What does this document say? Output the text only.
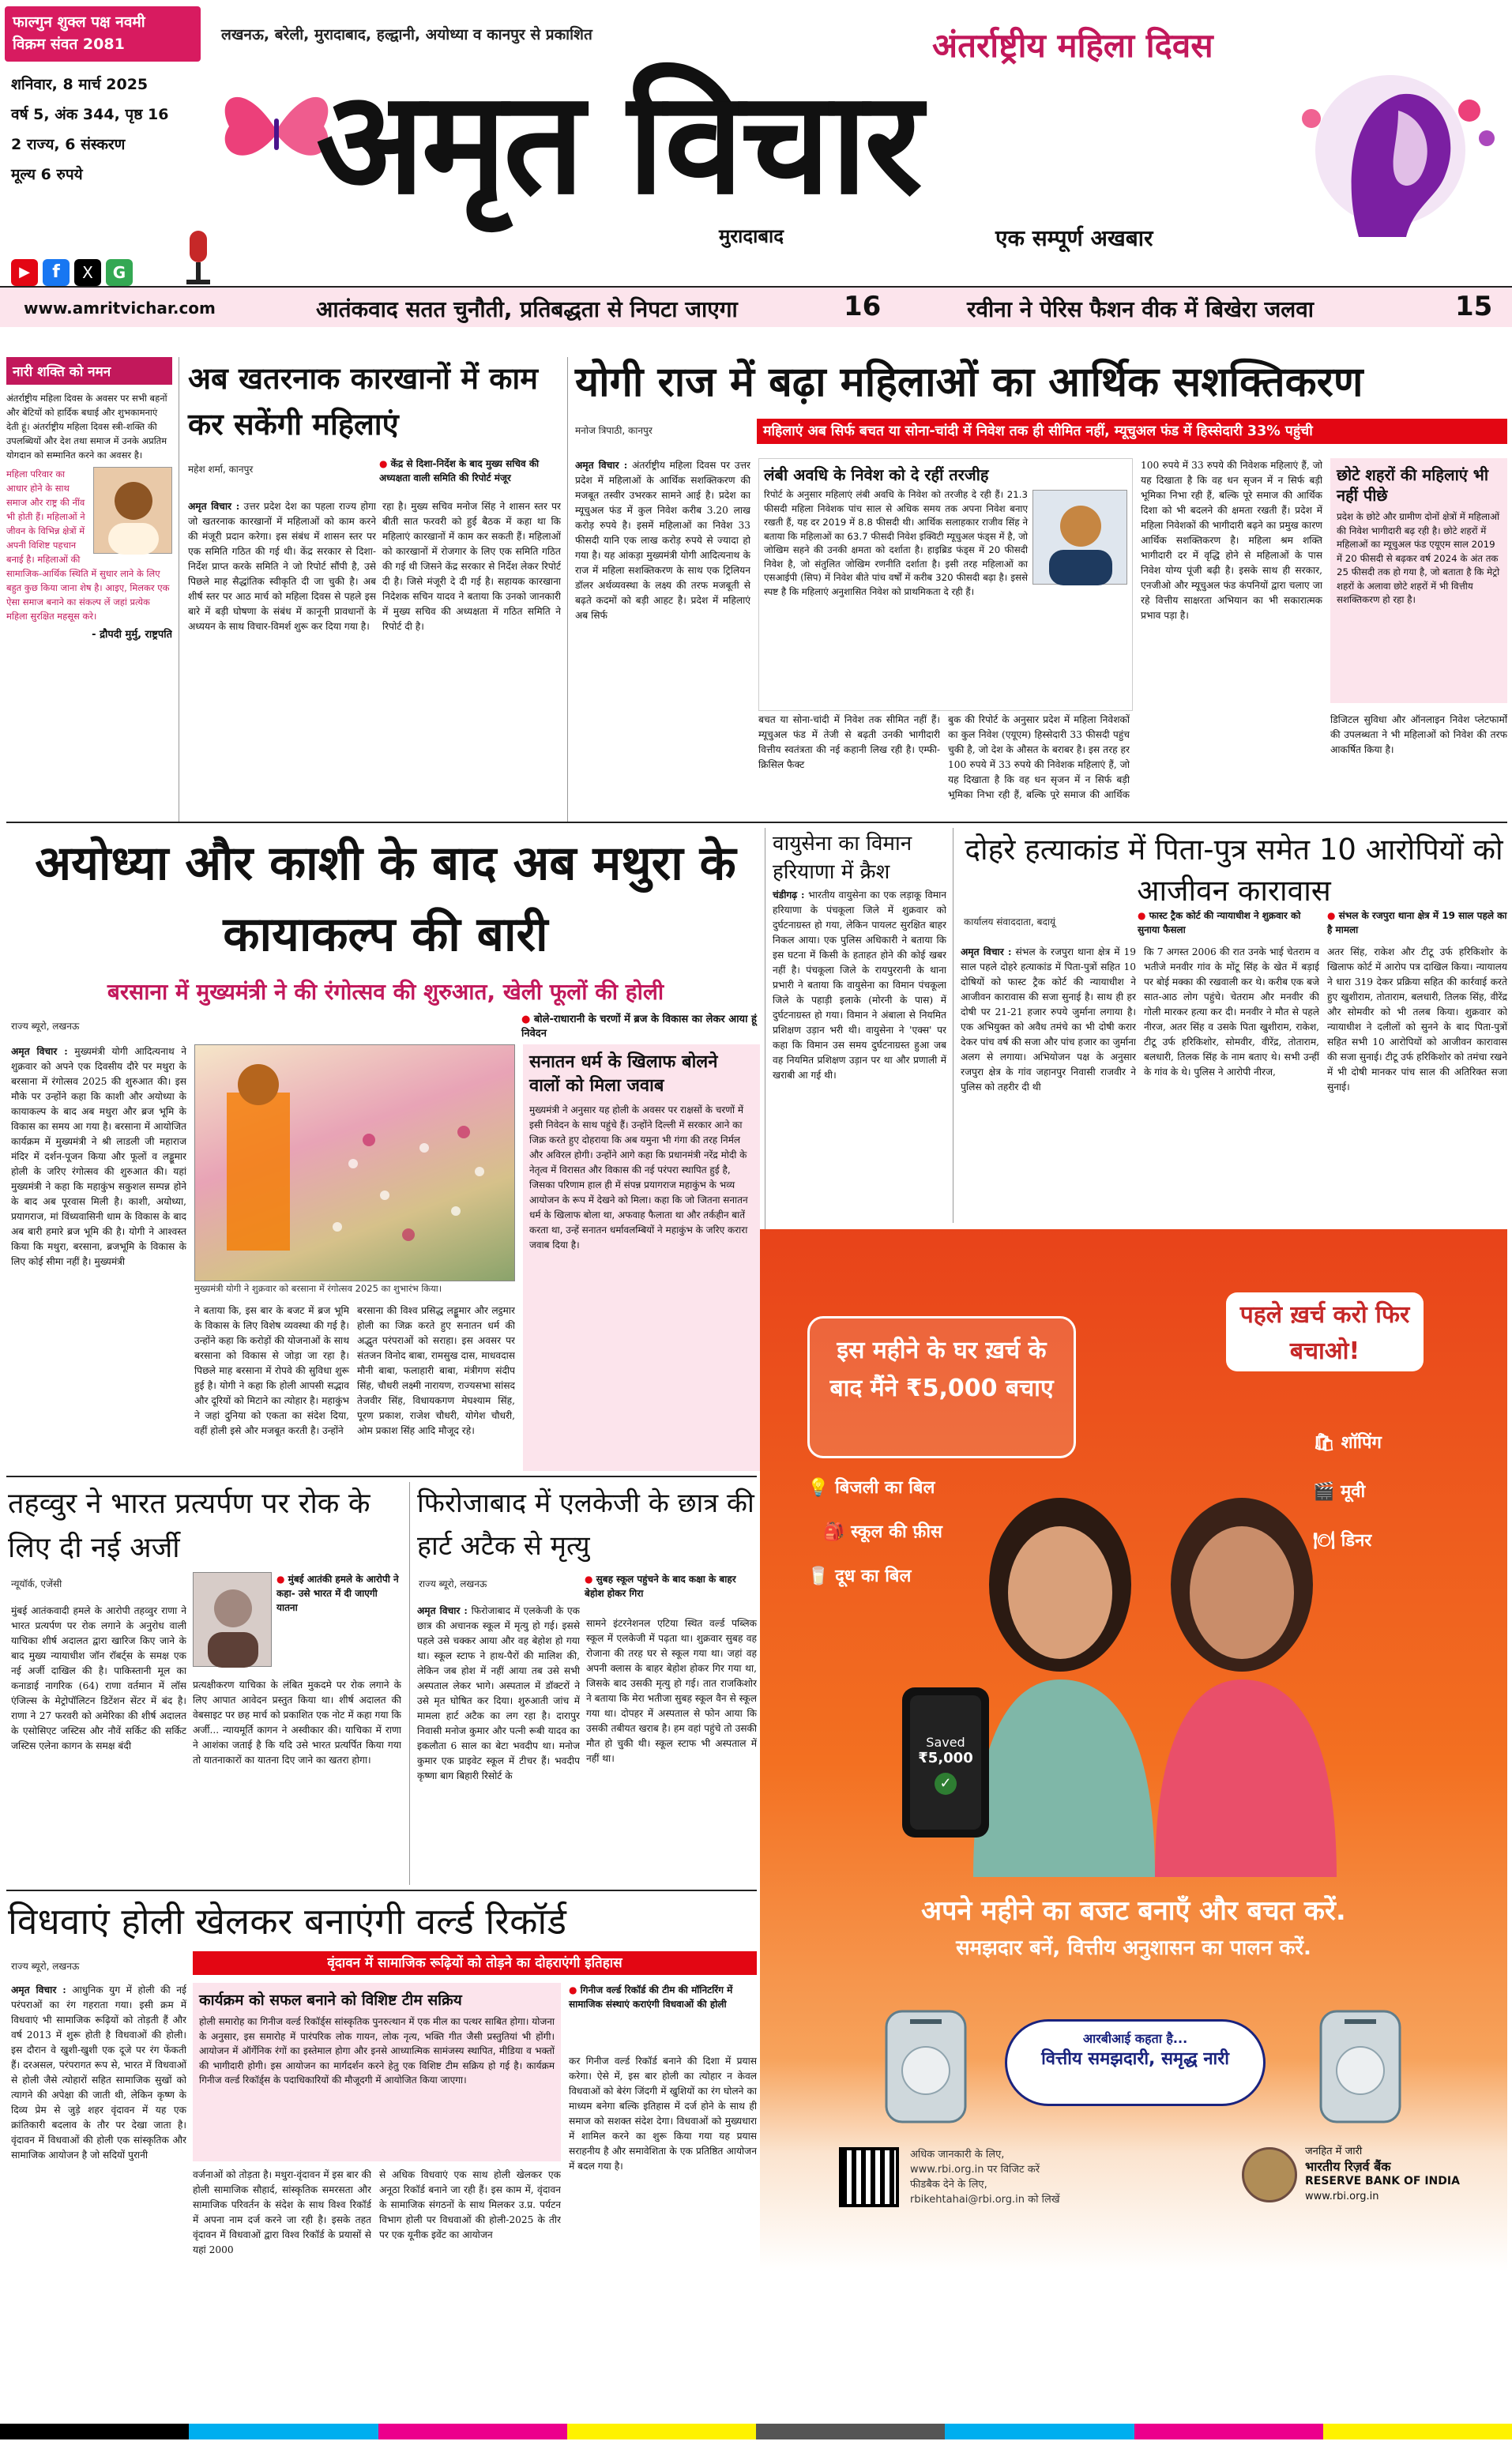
फाल्गुन शुक्ल पक्ष नवमी
विक्रम संवत 2081
शनिवार, 8 मार्च 2025
वर्ष 5, अंक 344, पृष्ठ 16
2 राज्य, 6 संस्करण
मूल्य 6 रुपये
▶	f	X	G
लखनऊ, बरेली, मुरादाबाद, हल्द्वानी, अयोध्या व कानपुर से प्रकाशित
अमृत विचार
मुरादाबाद	एक सम्पूर्ण अखबार
अंतर्राष्ट्रीय महिला दिवस
www.amritvichar.com	आतंकवाद सतत चुनौती, प्रतिबद्धता से निपटा जाएगा	16	रवीना ने पेरिस फैशन वीक में बिखेरा जलवा	15
नारी शक्ति को नमन
अंतर्राष्ट्रीय महिला दिवस के अवसर पर सभी बहनों और बेटियों को हार्दिक बधाई और शुभकामनाएं देती हूं। अंतर्राष्ट्रीय महिला दिवस स्त्री-शक्ति की उपलब्धियों और देश तथा समाज में उनके अप्रतिम योगदान को सम्मानित करने का अवसर है।
महिला परिवार का आधार होने के साथ समाज और राष्ट्र की नींव भी होती हैं। महिलाओं ने जीवन के विभिन्न क्षेत्रों में अपनी विशिष्ट पहचान बनाई है। महिलाओं की सामाजिक-आर्थिक स्थिति में सुधार लाने के लिए बहुत कुछ किया जाना शेष है। आइए, मिलकर एक ऐसा समाज बनाने का संकल्प लें जहां प्रत्येक महिला सुरक्षित महसूस करे।
- द्रौपदी मुर्मु, राष्ट्रपति
अब खतरनाक कारखानों में काम कर सकेंगी महिलाएं
महेश शर्मा, कानपुर	● केंद्र से दिशा-निर्देश के बाद मुख्य सचिव की अध्यक्षता वाली समिति की रिपोर्ट मंजूर

अमृत विचार : उत्तर प्रदेश देश का पहला राज्य होगा जो खतरनाक कारखानों में महिलाओं को काम करने की मंजूरी प्रदान करेगा। इस संबंध में शासन स्तर पर एक समिति गठित की गई थी। केंद्र सरकार से दिशा-निर्देश प्राप्त करके समिति ने जो रिपोर्ट सौंपी है, उसे पिछले माह सैद्धांतिक स्वीकृति दी जा चुकी है। अब शीर्ष स्तर पर आठ मार्च को महिला दिवस से पहले इस बारे में बड़ी घोषणा के संबंध में कानूनी प्रावधानों के अध्ययन के साथ विचार-विमर्श शुरू कर दिया गया है।

रहा है। मुख्य सचिव मनोज सिंह ने शासन स्तर पर बीती सात फरवरी को हुई बैठक में कहा था कि महिलाएं कारखानों में काम कर सकती हैं। महिलाओं को कारखानों में रोजगार के लिए एक समिति गठित की गई थी जिसने केंद्र सरकार से निर्देश लेकर रिपोर्ट दी है। जिसे मंजूरी दे दी गई है। सहायक कारखाना निदेशक सचिन यादव ने बताया कि उनको जानकारी में मुख्य सचिव की अध्यक्षता में गठित समिति ने रिपोर्ट दी है।

योगी राज में बढ़ा महिलाओं का आर्थिक सशक्तिकरण
मनोज त्रिपाठी, कानपुर	महिलाएं अब सिर्फ बचत या सोना-चांदी में निवेश तक ही सीमित नहीं, म्यूचुअल फंड में हिस्सेदारी 33% पहुंची

अमृत विचार : अंतर्राष्ट्रीय महिला दिवस पर उत्तर प्रदेश में महिलाओं के आर्थिक सशक्तिकरण की मजबूत तस्वीर उभरकर सामने आई है। प्रदेश का म्यूचुअल फंड में कुल निवेश करीब 3.20 लाख करोड़ रुपये है। इसमें महिलाओं का निवेश 33 फीसदी यानि एक लाख करोड़ रुपये से ज्यादा हो गया है। यह आंकड़ा मुख्यमंत्री योगी आदित्यनाथ के राज में महिला सशक्तिकरण के साथ एक ट्रिलियन डॉलर अर्थव्यवस्था के लक्ष्य की तरफ मजबूती से बढ़ते कदमों को बड़ी आहट है। प्रदेश में महिलाएं अब सिर्फ

लंबी अवधि के निवेश को दे रहीं तरजीह
रिपोर्ट के अनुसार महिलाएं लंबी अवधि के निवेश को तरजीह दे रही हैं। 21.3 फीसदी महिला निवेशक पांच साल से अधिक समय तक अपना निवेश बनाए रखती हैं, यह दर 2019 में 8.8 फीसदी थी। आर्थिक सलाहकार राजीव सिंह ने बताया कि महिलाओं का 63.7 फीसदी निवेश इक्विटी म्यूचुअल फंड्स में है, जो जोखिम सहने की उनकी क्षमता को दर्शाता है। हाइब्रिड फंड्स में 20 फीसदी निवेश है, जो संतुलित जोखिम रणनीति दर्शाता है। इसी तरह महिलाओं का एसआईपी (सिप) में निवेश बीते पांच वर्षों में करीब 320 फीसदी बढ़ा है। इससे स्पष्ट है कि महिलाएं अनुशासित निवेश को प्राथमिकता दे रही हैं।

बचत या सोना-चांदी में निवेश तक सीमित नहीं हैं। म्यूचुअल फंड में तेजी से बढ़ती उनकी भागीदारी वित्तीय स्वतंत्रता की नई कहानी लिख रही है। एम्फी-क्रिसिल फैक्ट

बुक की रिपोर्ट के अनुसार प्रदेश में महिला निवेशकों का कुल निवेश (एयूएम) हिस्सेदारी 33 फीसदी पहुंच चुकी है, जो देश के औसत के बराबर है। इस तरह हर 100 रुपये में 33 रुपये की निवेशक महिलाएं हैं, जो यह दिखाता है कि वह धन सृजन में न सिर्फ बड़ी भूमिका निभा रही हैं, बल्कि पूरे समाज की आर्थिक

100 रुपये में 33 रुपये की निवेशक महिलाएं हैं, जो यह दिखाता है कि वह धन सृजन में न सिर्फ बड़ी भूमिका निभा रही हैं, बल्कि पूरे समाज की आर्थिक दिशा को भी बदलने की क्षमता रखती हैं। प्रदेश में महिला निवेशकों की भागीदारी बढ़ने का प्रमुख कारण आर्थिक सशक्तिकरण है। महिला श्रम शक्ति भागीदारी दर में वृद्धि होने से महिलाओं के पास निवेश योग्य पूंजी बढ़ी है। इसके साथ ही सरकार, एनजीओ और म्यूचुअल फंड कंपनियों द्वारा चलाए जा रहे वित्तीय साक्षरता अभियान का भी सकारात्मक प्रभाव पड़ा है।

छोटे शहरों की महिलाएं भी नहीं पीछे
प्रदेश के छोटे और ग्रामीण दोनों क्षेत्रों में महिलाओं की निवेश भागीदारी बढ़ रही है। छोटे शहरों में महिलाओं का म्यूचुअल फंड एयूएम साल 2019 में 20 फीसदी से बढ़कर वर्ष 2024 के अंत तक 25 फीसदी तक हो गया है, जो बताता है कि मेट्रो शहरों के अलावा छोटे शहरों में भी वित्तीय सशक्तिकरण हो रहा है।

डिजिटल सुविधा और ऑनलाइन निवेश प्लेटफार्मों की उपलब्धता ने भी महिलाओं को निवेश की तरफ आकर्षित किया है।

अयोध्या और काशी के बाद अब मथुरा के कायाकल्प की बारी
बरसाना में मुख्यमंत्री ने की रंगोत्सव की शुरुआत, खेली फूलों की होली
राज्य ब्यूरो, लखनऊ
● बोले-राधारानी के चरणों में ब्रज के विकास का लेकर आया हूं निवेदन

अमृत विचार : मुख्यमंत्री योगी आदित्यनाथ ने शुक्रवार को अपने एक दिवसीय दौरे पर मथुरा के बरसाना में रंगोत्सव 2025 की शुरुआत की। इस मौके पर उन्होंने कहा कि काशी और अयोध्या के कायाकल्प के बाद अब मथुरा और ब्रज भूमि के विकास का समय आ गया है। बरसाना में आयोजित कार्यक्रम में मुख्यमंत्री ने श्री लाडली जी महाराज मंदिर में दर्शन-पूजन किया और फूलों व लड्डूमार होली के जरिए रंगोत्सव की शुरुआत की। यहां मुख्यमंत्री ने कहा कि महाकुंभ सकुशल सम्पन्न होने के बाद अब पूरवास मिली है। काशी, अयोध्या, प्रयागराज, मां विंध्यवासिनी धाम के विकास के बाद अब बारी हमारे ब्रज भूमि की है। योगी ने आश्वस्त किया कि मथुरा, बरसाना, ब्रजभूमि के विकास के लिए कोई सीमा नहीं है। मुख्यमंत्री

मुख्यमंत्री योगी ने शुक्रवार को बरसाना में रंगोत्सव 2025 का शुभारंभ किया।

ने बताया कि, इस बार के बजट में ब्रज भूमि के विकास के लिए विशेष व्यवस्था की गई है। उन्होंने कहा कि करोड़ों की योजनाओं के साथ बरसाना को विकास से जोड़ा जा रहा है। पिछले माह बरसाना में रोपवे की सुविधा शुरू हुई है। योगी ने कहा कि होली आपसी सद्भाव और दूरियों को मिटाने का त्योहार है। महाकुंभ ने जहां दुनिया को एकता का संदेश दिया, वहीं होली इसे और मजबूत करती है। उन्होंने

बरसाना की विश्व प्रसिद्ध लड्डूमार और लट्ठमार होली का जिक्र करते हुए सनातन धर्म की अद्भुत परंपराओं को सराहा। इस अवसर पर संतजन विनोद बाबा, रामसुख दास, माधवदास मौनी बाबा, फलाहारी बाबा, मंत्रीगण संदीप सिंह, चौधरी लक्ष्मी नारायण, राज्यसभा सांसद तेजवीर सिंह, विधायकगण मेघश्याम सिंह, पूरण प्रकाश, राजेश चौधरी, योगेश चौधरी, ओम प्रकाश सिंह आदि मौजूद रहे।

सनातन धर्म के खिलाफ बोलने वालों को मिला जवाब
मुख्यमंत्री ने अनुसार यह होली के अवसर पर राक्षसों के चरणों में इसी निवेदन के साथ पहुंचे हैं। उन्होंने दिल्ली में सरकार आने का जिक्र करते हुए दोहराया कि अब यमुना भी गंगा की तरह निर्मल और अविरल होगी। उन्होंने आगे कहा कि प्रधानमंत्री नरेंद्र मोदी के नेतृत्व में विरासत और विकास की नई परंपरा स्थापित हुई है, जिसका परिणाम हाल ही में संपन्न प्रयागराज महाकुंभ के भव्य आयोजन के रूप में देखने को मिला। कहा कि जो जितना सनातन धर्म के खिलाफ बोला था, अफवाह फैलाता था और तर्कहीन बातें करता था, उन्हें सनातन धर्मावलम्बियों ने महाकुंभ के जरिए करारा जवाब दिया है।
वायुसेना का विमान हरियाणा में क्रैश

चंडीगढ़ : भारतीय वायुसेना का एक लड़ाकू विमान हरियाणा के पंचकूला जिले में शुक्रवार को दुर्घटनाग्रस्त हो गया, लेकिन पायलट सुरक्षित बाहर निकल आया। एक पुलिस अधिकारी ने बताया कि इस घटना में किसी के हताहत होने की कोई खबर नहीं है। पंचकूला जिले के रायपुररानी के थाना प्रभारी ने बताया कि वायुसेना का विमान पंचकूला जिले के पहाड़ी इलाके (मोरनी के पास) में दुर्घटनाग्रस्त हो गया। विमान ने अंबाला से नियमित प्रशिक्षण उड़ान भरी थी। वायुसेना ने 'एक्स' पर कहा कि विमान उस समय दुर्घटनाग्रस्त हुआ जब वह नियमित प्रशिक्षण उड़ान पर था और प्रणाली में खराबी आ गई थी।

दोहरे हत्याकांड में पिता-पुत्र समेत 10 आरोपियों को आजीवन कारावास
कार्यालय संवाददाता, बदायूं
● फास्ट ट्रैक कोर्ट की न्यायाधीश ने शुक्रवार को सुनाया फैसला
● संभल के रजपुरा थाना क्षेत्र में 19 साल पहले का है मामला

अमृत विचार : संभल के रजपुरा थाना क्षेत्र में 19 साल पहले दोहरे हत्याकांड में पिता-पुत्रों सहित 10 दोषियों को फास्ट ट्रैक कोर्ट की न्यायाधीश ने आजीवन कारावास की सजा सुनाई है। साथ ही हर दोषी पर 21-21 हजार रुपये जुर्माना लगाया है। एक अभियुक्त को अवैध तमंचे का भी दोषी करार देकर पांच वर्ष की सजा और पांच हजार का जुर्माना अलग से लगाया। अभियोजन पक्ष के अनुसार रजपुरा क्षेत्र के गांव जहानपुर निवासी राजवीर ने पुलिस को तहरीर दी थी

कि 7 अगस्त 2006 की रात उनके भाई चेतराम व भतीजे मनवीर गांव के मोंटू सिंह के खेत में बड़ाई पर बोई मक्का की रखवाली कर थे। करीब एक बजे सात-आठ लोग पहुंचे। चेतराम और मनवीर की गोली मारकर हत्या कर दी। मनवीर ने मौत से पहले नीरज, अतर सिंह व उसके पिता खुशीराम, राकेश, टीटू उर्फ हरिकिशोर, सोमवीर, वीरेंद्र, तोताराम, बलधारी, तिलक सिंह के नाम बताए थे। सभी उन्हीं के गांव के थे। पुलिस ने आरोपी नीरज,

अतर सिंह, राकेश और टीटू उर्फ हरिकिशोर के खिलाफ कोर्ट में आरोप पत्र दाखिल किया। न्यायालय ने धारा 319 देकर प्रक्रिया सहित की कार्रवाई करते हुए खुशीराम, तोताराम, बलधारी, तिलक सिंह, वीरेंद्र और सोमवीर को भी तलब किया। शुक्रवार को न्यायाधीश ने दलीलों को सुनने के बाद पिता-पुत्रों सहित सभी 10 आरोपियों को आजीवन कारावास की सजा सुनाई। टीटू उर्फ हरिकिशोर को तमंचा रखने में भी दोषी मानकर पांच साल की अतिरिक्त सजा सुनाई।

इस महीने के घर ख़र्च के बाद मैंने ₹5,000 बचाए
पहले ख़र्च करो फिर बचाओ!
💡 बिजली का बिल
🎒 स्कूल की फ़ीस
🥛 दूध का बिल
🛍 शॉपिंग
🎬 मूवी
🍽 डिनर
Saved
₹5,000
✓
अपने महीने का बजट बनाएँ और बचत करें.
समझदार बनें, वित्तीय अनुशासन का पालन करें.
आरबीआई कहता है...
वित्तीय समझदारी, समृद्ध नारी
अधिक जानकारी के लिए,
www.rbi.org.in पर विजिट करें
फीडबैक देने के लिए,
rbikehtahai@rbi.org.in को लिखें
जनहित में जारी
भारतीय रिज़र्व बैंक
RESERVE BANK OF INDIA
www.rbi.org.in
तहव्वुर ने भारत प्रत्यर्पण पर रोक के लिए दी नई अर्जी
न्यूयॉर्क, एजेंसी	● मुंबई आतंकी हमले के आरोपी ने कहा- उसे भारत में दी जाएगी यातना

मुंबई आतंकवादी हमले के आरोपी तहव्वुर राणा ने भारत प्रत्यर्पण पर रोक लगाने के अनुरोध वाली याचिका शीर्ष अदालत द्वारा खारिज किए जाने के बाद मुख्य न्यायाधीश जॉन रॉबर्ट्स के समक्ष एक नई अर्जी दाखिल की है। पाकिस्तानी मूल का कनाडाई नागरिक (64) राणा वर्तमान में लॉस एंजिल्स के मेट्रोपॉलिटन डिटेंशन सेंटर में बंद है। राणा ने 27 फरवरी को अमेरिका की शीर्ष अदालत के एसोसिएट जस्टिस और नौवें सर्किट की सर्किट जस्टिस एलेना कागन के समक्ष बंदी

प्रत्यक्षीकरण याचिका के लंबित मुकदमे पर रोक लगाने के लिए आपात आवेदन प्रस्तुत किया था। शीर्ष अदालत की वेबसाइट पर छह मार्च को प्रकाशित एक नोट में कहा गया कि अर्जी... न्यायमूर्ति कागन ने अस्वीकार की। याचिका में राणा ने आशंका जताई है कि यदि उसे भारत प्रत्यर्पित किया गया तो यातनाकारों का यातना दिए जाने का खतरा होगा।

फिरोजाबाद में एलकेजी के छात्र की हार्ट अटैक से मृत्यु
राज्य ब्यूरो, लखनऊ	● सुबह स्कूल पहुंचने के बाद कक्षा के बाहर बेहोश होकर गिरा

अमृत विचार : फिरोजाबाद में एलकेजी के एक छात्र की अचानक स्कूल में मृत्यु हो गई। इससे पहले उसे चक्कर आया और वह बेहोश हो गया था। स्कूल स्टाफ ने हाथ-पैरों की मालिश की, लेकिन जब होश में नहीं आया तब उसे सभी अस्पताल लेकर भागे। अस्पताल में डॉक्टरों ने उसे मृत घोषित कर दिया। शुरुआती जांच में मामला हार्ट अटैक का लग रहा है। दारापुर निवासी मनोज कुमार और पत्नी रूबी यादव का इकलौता 6 साल का बेटा भवदीप था। मनोज कुमार एक प्राइवेट स्कूल में टीचर हैं। भवदीप कृष्णा बाग बिहारी रिसोर्ट के

सामने इंटरनेशनल एटिया स्थित वर्ल्ड पब्लिक स्कूल में एलकेजी में पढ़ता था। शुक्रवार सुबह वह रोजाना की तरह घर से स्कूल गया था। जहां वह अपनी क्लास के बाहर बेहोश होकर गिर गया था, जिसके बाद उसकी मृत्यु हो गई। तात राजकिशोर ने बताया कि मेरा भतीजा सुबह स्कूल वैन से स्कूल गया था। दोपहर में अस्पताल से फोन आया कि उसकी तबीयत खराब है। हम वहां पहुंचे तो उसकी मौत हो चुकी थी। स्कूल स्टाफ भी अस्पताल में नहीं था।

विधवाएं होली खेलकर बनाएंगी वर्ल्ड रिकॉर्ड
राज्य ब्यूरो, लखनऊ	वृंदावन में सामाजिक रूढ़ियों को तोड़ने का दोहराएंगी इतिहास

अमृत विचार : आधुनिक युग में होली की नई परंपराओं का रंग गहराता गया। इसी क्रम में विधवाएं भी सामाजिक रूढ़ियों को तोड़ती हैं और वर्ष 2013 में शुरू होती है विधवाओं की होली। इस दौरान वे खुशी-खुशी एक दूजे पर रंग फेंकती हैं। दरअसल, परंपरागत रूप से, भारत में विधवाओं से होली जैसे त्योहारों सहित सामाजिक सुखों को त्यागने की अपेक्षा की जाती थी, लेकिन कृष्ण के दिव्य प्रेम से जुड़े शहर वृंदावन में यह एक क्रांतिकारी बदलाव के तौर पर देखा जाता है। वृंदावन में विधवाओं की होली एक सांस्कृतिक और सामाजिक आयोजन है जो सदियों पुरानी

कार्यक्रम को सफल बनाने को विशिष्ट टीम सक्रिय
होली समारोह का गिनीज वर्ल्ड रिकॉर्ड्स सांस्कृतिक पुनरुत्थान में एक मील का पत्थर साबित होगा। योजना के अनुसार, इस समारोह में पारंपरिक लोक गायन, लोक नृत्य, भक्ति गीत जैसी प्रस्तुतियां भी होंगी। आयोजन में ऑर्गेनिक रंगों का इस्तेमाल होगा और इनसे आध्यात्मिक सामंजस्य स्थापित, मीडिया व भक्तों की भागीदारी होगी। इस आयोजन का मार्गदर्शन करने हेतु एक विशिष्ट टीम सक्रिय हो गई है। कार्यक्रम गिनीज वर्ल्ड रिकॉर्ड्स के पदाधिकारियों की मौजूदगी में आयोजित किया जाएगा।

वर्जनाओं को तोड़ता है। मथुरा-वृंदावन में इस बार की होली सामाजिक सौहार्द, सांस्कृतिक समरसता और सामाजिक परिवर्तन के संदेश के साथ विश्व रिकॉर्ड में अपना नाम दर्ज करने जा रही है। इसके तहत वृंदावन में विधवाओं द्वारा विश्व रिकॉर्ड के प्रयासों से यहां 2000

से अधिक विधवाएं एक साथ होली खेलकर एक अनूठा रिकॉर्ड बनाने जा रही हैं। इस काम में, वृंदावन के सामाजिक संगठनों के साथ मिलकर उ.प्र. पर्यटन विभाग होली पर विधवाओं की होली-2025 के तीर पर एक यूनीक इवेंट का आयोजन

● गिनीज वर्ल्ड रिकॉर्ड की टीम की मॉनिटरिंग में सामाजिक संस्थाएं कराएंगी विधवाओं की होली

कर गिनीज वर्ल्ड रिकॉर्ड बनाने की दिशा में प्रयास करेगा। ऐसे में, इस बार होली का त्योहार न केवल विधवाओं को बेरंग जिंदगी में खुशियों का रंग घोलने का माध्यम बनेगा बल्कि इतिहास में दर्ज होने के साथ ही समाज को सशक्त संदेश देगा। विधवाओं को मुख्यधारा में शामिल करने का शुरू किया गया यह प्रयास सराहनीय है और समावेशिता के एक प्रतिष्ठित आयोजन में बदल गया है।
